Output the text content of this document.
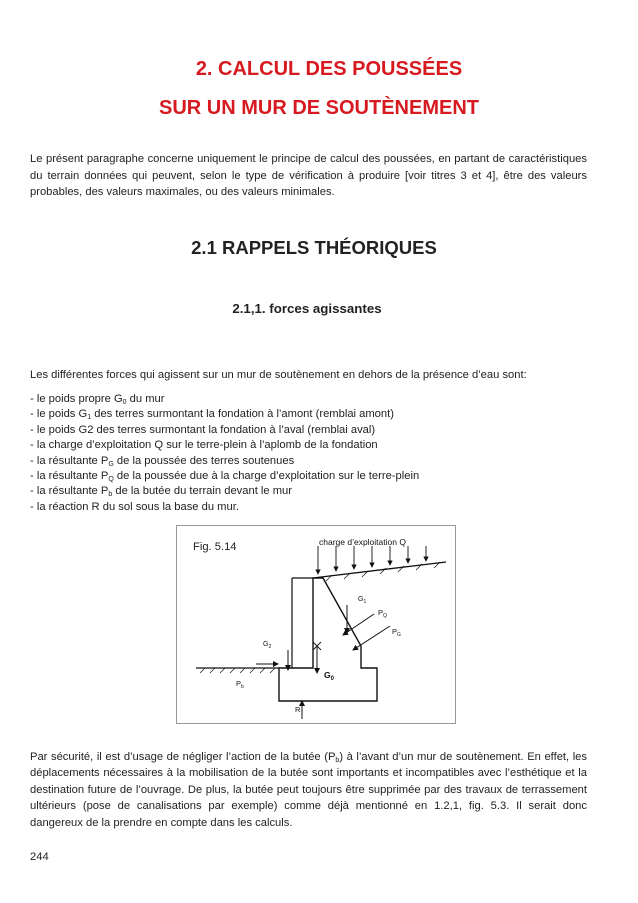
2. CALCUL DES POUSSÉES
SUR UN MUR DE SOUTÈNEMENT

Le présent paragraphe concerne uniquement le principe de calcul des poussées, en partant de caractéristiques du terrain données qui peuvent, selon le type de vérification à produire [voir titres 3 et 4], être des valeurs probables, des valeurs maximales, ou des valeurs minimales.

2.1 RAPPELS THÉORIQUES
2.1,1. forces agissantes

Les différentes forces qui agissent sur un mur de soutènement en dehors de la présence d’eau sont:

- le poids propre $G_0$ du mur
- le poids $G_1$ des terres surmontant la fondation à l’amont (remblai amont)
- le poids G2 des terres surmontant la fondation à l’aval (remblai aval)
- la charge d’exploitation Q sur le terre-plein à l’aplomb de la fondation
- la résultante $P_G$ de la poussée des terres soutenues
- la résultante $P_Q$ de la poussée due à la charge d’exploitation sur le terre-plein
- la résultante $P_b$ de la butée du terrain devant le mur
- la réaction R du sol sous la base du mur.
Fig. 5.14	charge d’exploitation Q
$G_1$
$P_Q$
$P_G$
$G_2$
$G_0$
$P_b$
R

Par sécurité, il est d’usage de négliger l’action de la butée $(P_b)$ à l’avant d’un mur de soutènement. En effet, les déplacements nécessaires à la mobilisation de la butée sont importants et incompatibles avec l’esthétique et la destination future de l’ouvrage. De plus, la butée peut toujours être supprimée par des travaux de terrassement ultérieurs (pose de canalisations par exemple) comme déjà mentionné en 1.2,1, fig. 5.3. Il serait donc dangereux de la prendre en compte dans les calculs.

244
